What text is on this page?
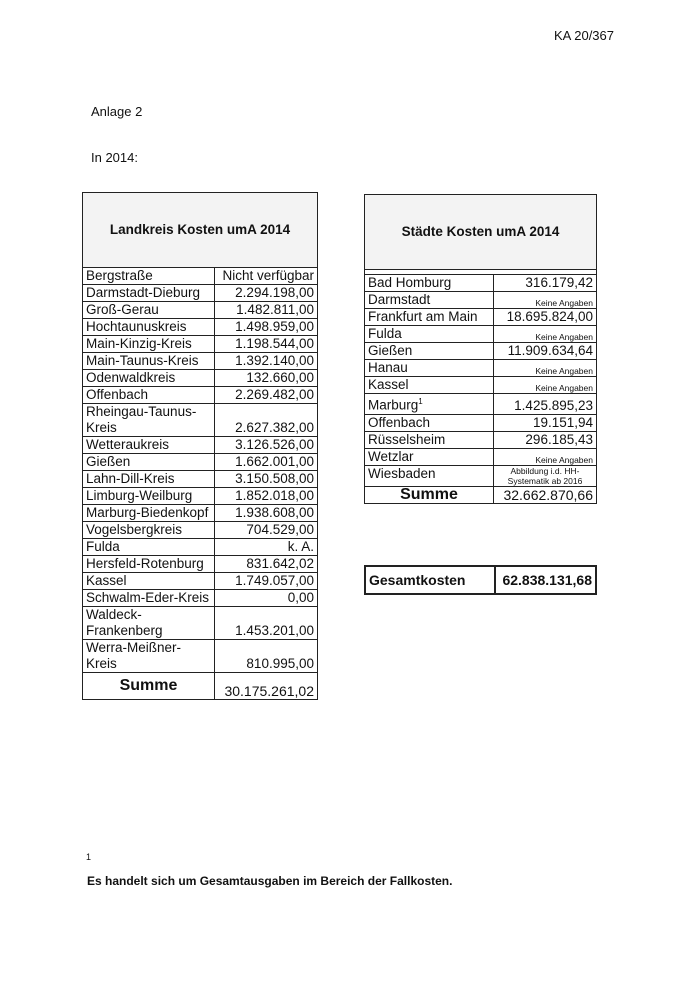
KA 20/367
Anlage 2
In 2014:
Landkreis Kosten umA 2014	
Bergstraße	Nicht verfügbar
Darmstadt-Dieburg	2.294.198,00
Groß-Gerau	1.482.811,00
Hochtaunuskreis	1.498.959,00
Main-Kinzig-Kreis	1.198.544,00
Main-Taunus-Kreis	1.392.140,00
Odenwaldkreis	132.660,00
Offenbach	2.269.482,00
Rheingau-Taunus-Kreis	2.627.382,00
Wetteraukreis	3.126.526,00
Gießen	1.662.001,00
Lahn-Dill-Kreis	3.150.508,00
Limburg-Weilburg	1.852.018,00
Marburg-Biedenkopf	1.938.608,00
Vogelsbergkreis	704.529,00
Fulda	k. A.
Hersfeld-Rotenburg	831.642,02
Kassel	1.749.057,00
Schwalm-Eder-Kreis	0,00
Waldeck-Frankenberg	1.453.201,00
Werra-Meißner-Kreis	810.995,00
Summe	30.175.261,02
Städte Kosten umA 2014	

Bad Homburg	316.179,42
Darmstadt	Keine Angaben
Frankfurt am Main	18.695.824,00
Fulda	Keine Angaben
Gießen	11.909.634,64
Hanau	Keine Angaben
Kassel	Keine Angaben
Marburg$^1$	1.425.895,23
Offenbach	19.151,94
Rüsselsheim	296.185,43
Wetzlar	Keine Angaben
Wiesbaden	Abbildung i.d. HH-Systematik ab 2016
Summe	32.662.870,66
Gesamtkosten	62.838.131,68
1
Es handelt sich um Gesamtausgaben im Bereich der Fallkosten.
